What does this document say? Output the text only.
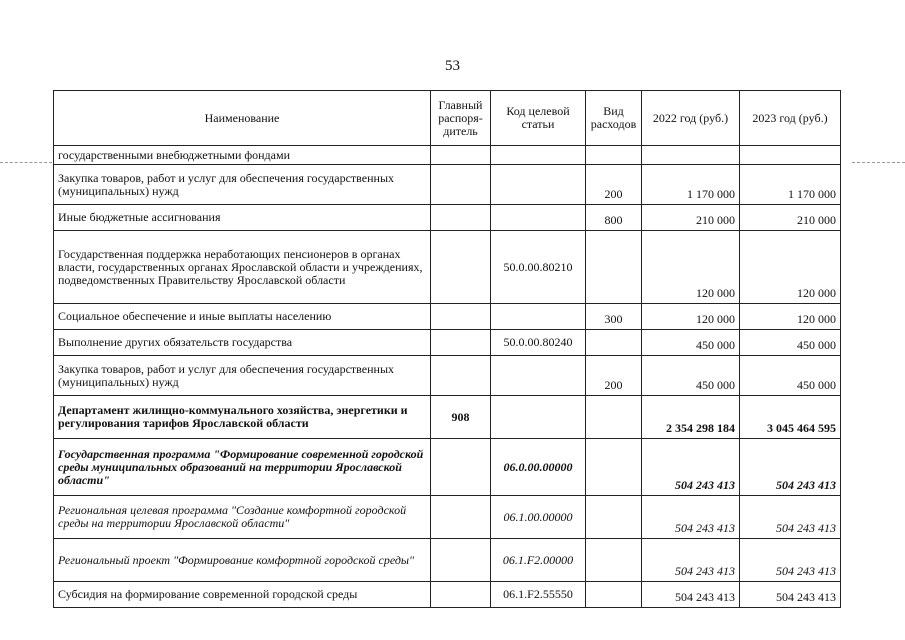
53
Наименование	Главный распоря-дитель	Код целевой статьи	Вид расходов	2022 год (руб.)	2023 год (руб.)
государственными внебюджетными фондами					
Закупка товаров, работ и услуг для обеспечения государственных (муниципальных) нужд			200	1 170 000	1 170 000
Иные бюджетные ассигнования			800	210 000	210 000
Государственная поддержка неработающих пенсионеров в органах власти, государственных органах Ярославской области и учреждениях, подведомственных Правительству Ярославской области		50.0.00.80210		120 000	120 000
Социальное обеспечение и иные выплаты населению			300	120 000	120 000
Выполнение других обязательств государства		50.0.00.80240		450 000	450 000
Закупка товаров, работ и услуг для обеспечения государственных (муниципальных) нужд			200	450 000	450 000
Департамент жилищно-коммунального хозяйства, энергетики и регулирования тарифов Ярославской области	908			2 354 298 184	3 045 464 595
Государственная программа "Формирование современной городской среды муниципальных образований на территории Ярославской области"		06.0.00.00000		504 243 413	504 243 413
Региональная целевая программа "Создание комфортной городской среды на территории Ярославской области"		06.1.00.00000		504 243 413	504 243 413
Региональный проект "Формирование комфортной городской среды"		06.1.F2.00000		504 243 413	504 243 413
Субсидия на формирование современной городской среды		06.1.F2.55550		504 243 413	504 243 413
